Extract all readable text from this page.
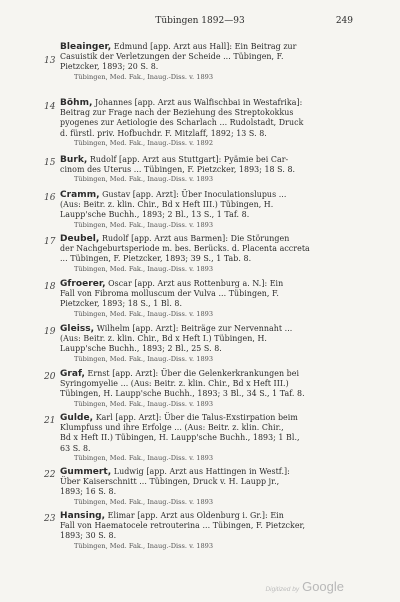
Tübingen 1892—93	249
13
Bleainger, Edmund [app. Arzt aus Hall]: Ein Beitrag zur
Casuistik der Verletzungen der Scheide ... Tübingen, F.
Pietzcker, 1893; 20 S. 8.
Tübingen, Med. Fak., Inaug.-Diss. v. 1893
14 Böhm, Johannes [app. Arzt aus Walfischbai in Westafrika]:
Beitrag zur Frage nach der Beziehung des Streptokokkus
pyogenes zur Aetiologie des Scharlach ... Rudolstadt, Druck
d. fürstl. priv. Hofbuchdr. F. Mitzlaff, 1892; 13 S. 8.
Tübingen, Med. Fak., Inaug.-Diss. v. 1892
15 Burk, Rudolf [app. Arzt aus Stuttgart]: Pyämie bei Car-
cinom des Uterus ... Tübingen, F. Pietzcker, 1893; 18 S. 8.
Tübingen, Med. Fak., Inaug.-Diss. v. 1893
16 Cramm, Gustav [app. Arzt]: Über Inoculationslupus ...
(Aus: Beitr. z. klin. Chir., Bd x Heft III.) Tübingen, H.
Laupp'sche Buchh., 1893; 2 Bl., 13 S., 1 Taf. 8.
Tübingen, Med. Fak., Inaug.-Diss. v. 1893
17 Deubel, Rudolf [app. Arzt aus Barmen]: Die Störungen
der Nachgeburtsperiode m. bes. Berücks. d. Placenta accreta
... Tübingen, F. Pietzcker, 1893; 39 S., 1 Tab. 8.
Tübingen, Med. Fak., Inaug.-Diss. v. 1893
18 Gfroerer, Oscar [app. Arzt aus Rottenburg a. N.]: Ein
Fall von Fibroma molluscum der Vulva ... Tübingen, F.
Pietzcker, 1893; 18 S., 1 Bl. 8.
Tübingen, Med. Fak., Inaug.-Diss. v. 1893
19 Gleiss, Wilhelm [app. Arzt]: Beiträge zur Nervennaht ...
(Aus: Beitr. z. klin. Chir., Bd x Heft I.) Tübingen, H.
Laupp'sche Buchh., 1893; 2 Bl., 25 S. 8.
Tübingen, Med. Fak., Inaug.-Diss. v. 1893
20 Graf, Ernst [app. Arzt]: Über die Gelenkerkrankungen bei
Syringomyelie ... (Aus: Beitr. z. klin. Chir., Bd x Heft III.)
Tübingen, H. Laupp'sche Buchh., 1893; 3 Bl., 34 S., 1 Taf. 8.
Tübingen, Med. Fak., Inaug.-Diss. v. 1893
21 Gulde, Karl [app. Arzt]: Über die Talus-Exstirpation beim
Klumpfuss und ihre Erfolge ... (Aus: Beitr. z. klin. Chir.,
Bd x Heft II.) Tübingen, H. Laupp'sche Buchh., 1893; 1 Bl.,
63 S. 8.
Tübingen, Med. Fak., Inaug.-Diss. v. 1893
22 Gummert, Ludwig [app. Arzt aus Hattingen in Westf.]:
Über Kaiserschnitt ... Tübingen, Druck v. H. Laupp jr.,
1893; 16 S. 8.
Tübingen, Med. Fak., Inaug.-Diss. v. 1893
23 Hansing, Elimar [app. Arzt aus Oldenburg i. Gr.]: Ein
Fall von Haematocele retrouterina ... Tübingen, F. Pietzcker,
1893; 30 S. 8.
Tübingen, Med. Fak., Inaug.-Diss. v. 1893
Digitized by Google
